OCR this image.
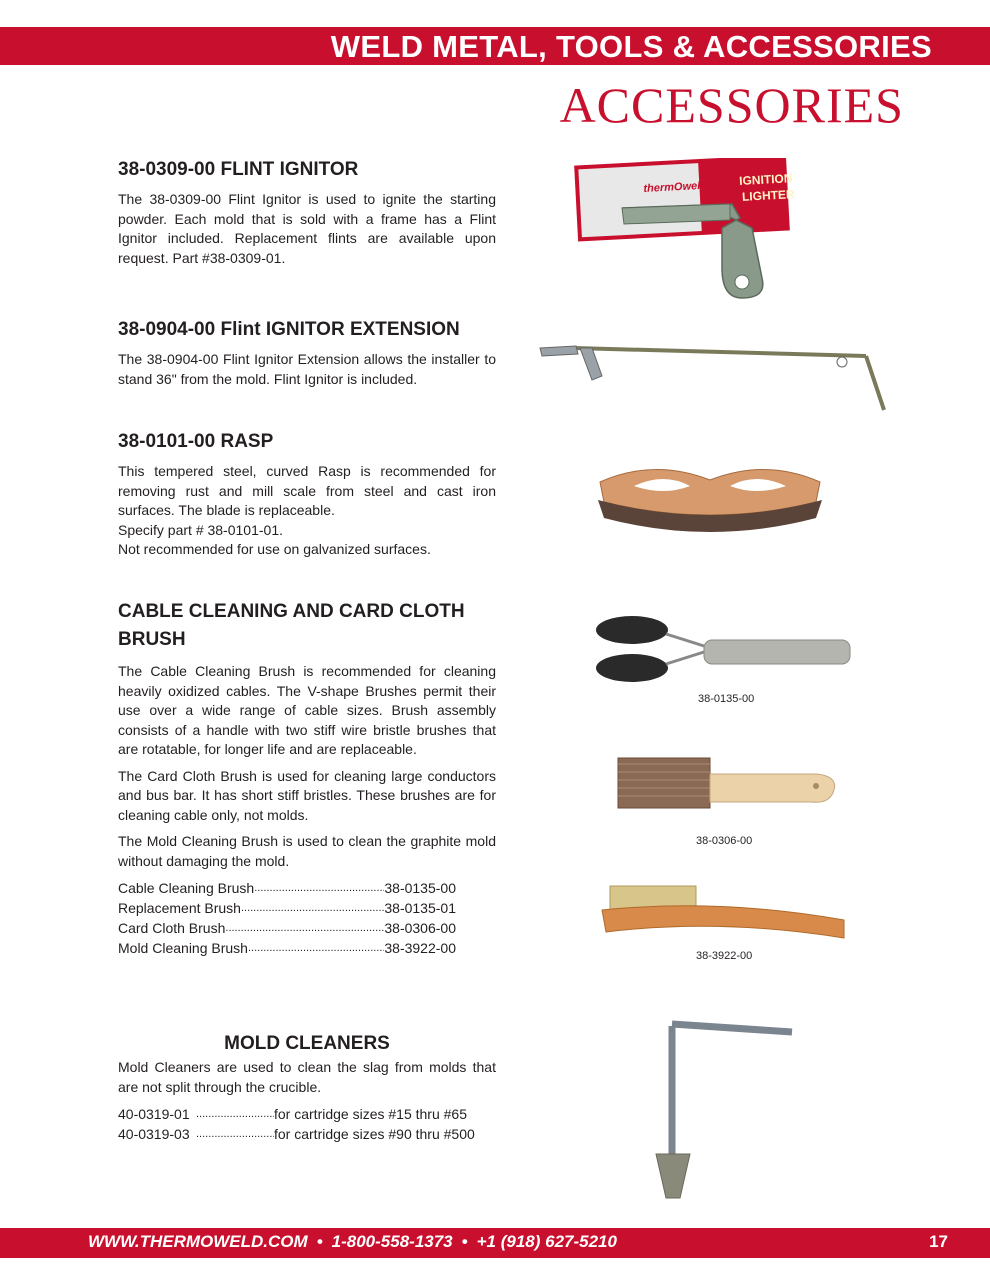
WELD METAL, TOOLS & ACCESSORIES
ACCESSORIES
38-0309-00 FLINT IGNITOR

The 38-0309-00 Flint Ignitor is used to ignite the starting powder. Each mold that is sold with a frame has a Flint Ignitor included. Replacement flints are available upon request. Part #38-0309-01.

thermOweld	IGNITION
LIGHTER
38-0904-00 Flint IGNITOR EXTENSION

The 38-0904-00 Flint Ignitor Extension allows the installer to stand 36" from the mold. Flint Ignitor is included.

38-0101-00 RASP

This tempered steel, curved Rasp is recommended for removing rust and mill scale from steel and cast iron surfaces. The blade is replaceable.

Specify part # 38-0101-01.

Not recommended for use on galvanized surfaces.

CABLE CLEANING AND CARD CLOTH BRUSH

The Cable Cleaning Brush is recommended for cleaning heavily oxidized cables. The V-shape Brushes permit their use over a wide range of cable sizes. Brush assembly consists of a handle with two stiff wire bristle brushes that are rotatable, for longer life and are replaceable.

The Card Cloth Brush is used for cleaning large conductors and bus bar. It has short stiff bristles. These brushes are for cleaning cable only, not molds.

The Mold Cleaning Brush is used to clean the graphite mold without damaging the mold.

Cable Cleaning Brush .....	38-0135-00
Replacement Brush .....	38-0135-01
Card Cloth Brush .....	38-0306-00
Mold Cleaning Brush .....	38-3922-00
38-0135-00
38-0306-00
38-3922-00
MOLD CLEANERS

Mold Cleaners are used to clean the slag from molds that are not split through the crucible.

40-0319-01 .....	for cartridge sizes #15 thru #65
40-0319-03 .....	for cartridge sizes #90 thru #500
WWW.THERMOWELD.COM • 1-800-558-1373 • +1 (918) 627-5210	17
